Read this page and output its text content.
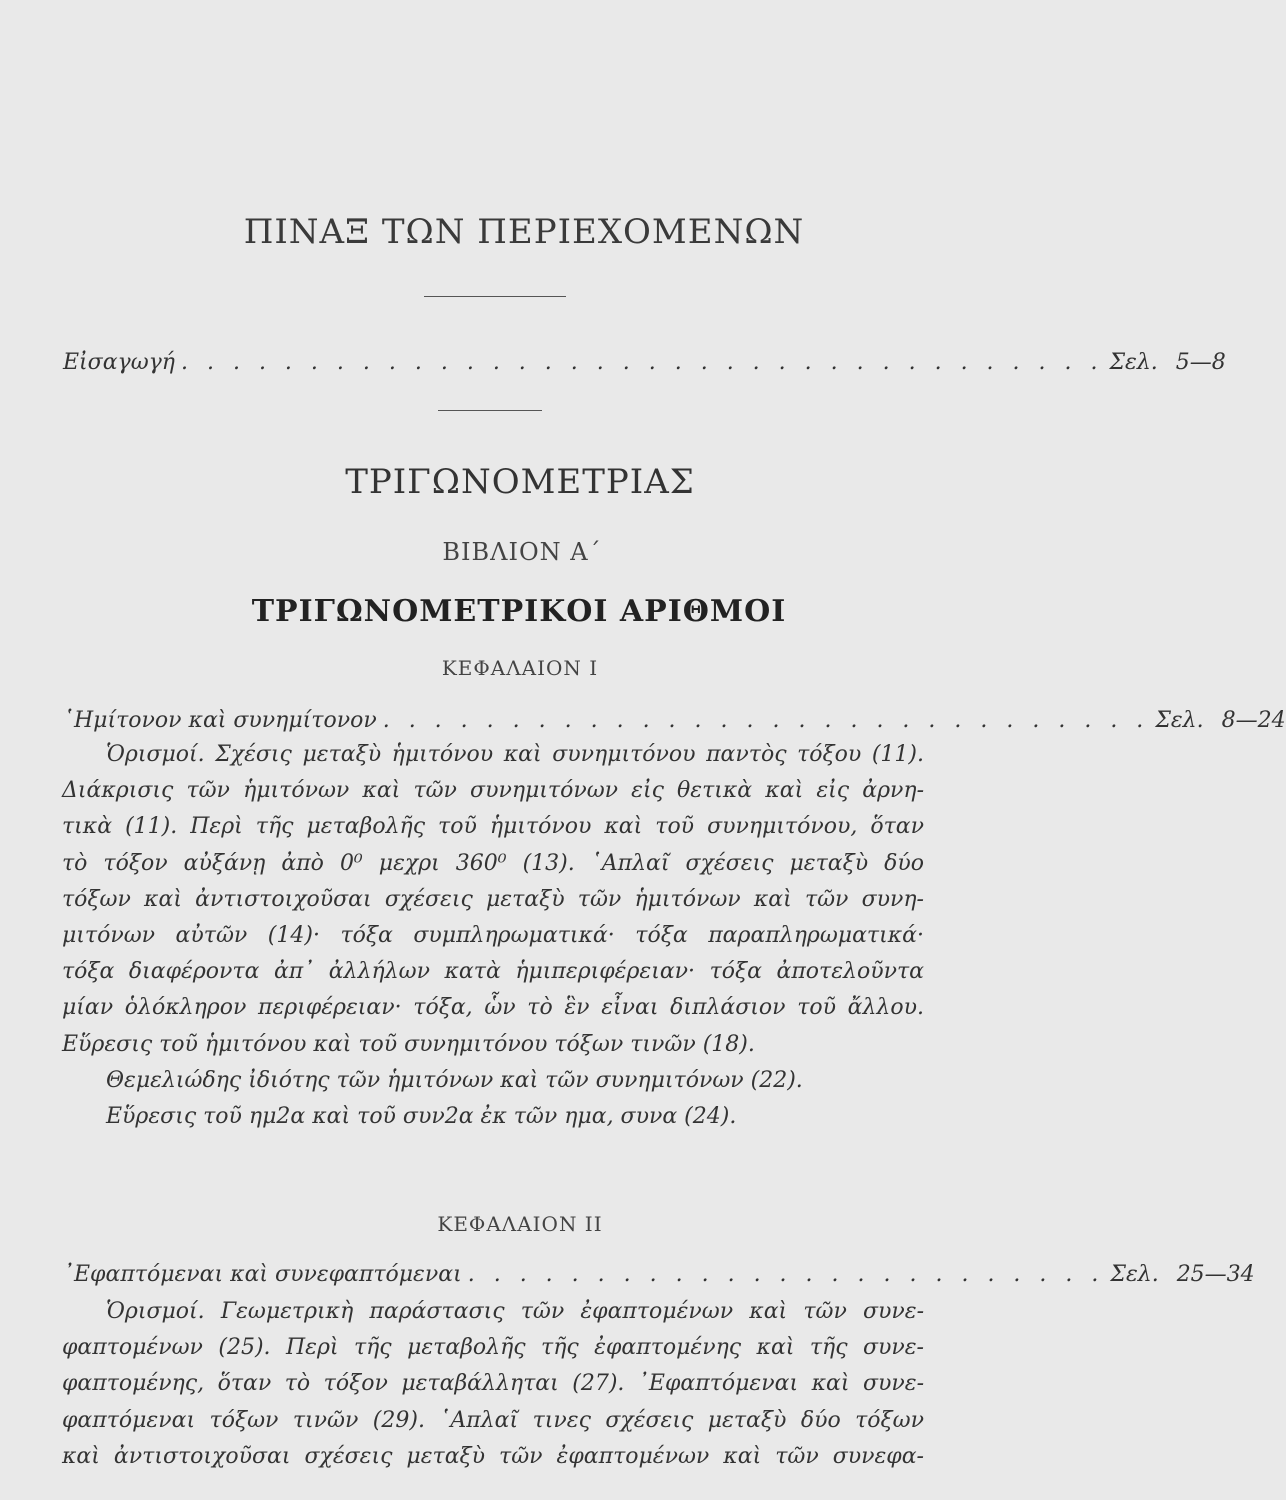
ΠΙΝΑΞ ΤΩΝ ΠΕΡΙΕΧΟΜΕΝΩΝ
Εἰσαγωγή . . . . . . . . . . . . . . . . . . . . . . . . . . . . . . . . . . . . Σελ. 5—8
ΤΡΙΓΩΝΟΜΕΤΡΙΑΣ
ΒΙΒΛΙΟΝ Α΄
ΤΡΙΓΩΝΟΜΕΤΡΙΚΟΙ ΑΡΙΘΜΟΙ
ΚΕΦΑΛΑΙΟΝ Ι
῾Ημίτονον καὶ συνημίτονον . . . . . . . . . . . . . . . . . . . . . . . . . . . . . . Σελ. 8—24
Ὁρισμοί. Σχέσις μεταξὺ ἡμιτόνου καὶ συνημιτόνου παντὸς τόξου (11).
Διάκρισις τῶν ἡμιτόνων καὶ τῶν συνημιτόνων εἰς θετικὰ καὶ εἰς ἀρνη-
τικὰ (11). Περὶ τῆς μεταβολῆς τοῦ ἡμιτόνου καὶ τοῦ συνημιτόνου, ὅταν
τὸ τόξον αὐξάνῃ ἀπὸ 0⁰ μεχρι 360⁰ (13). ῾Απλαῖ σχέσεις μεταξὺ δύο
τόξων καὶ ἀντιστοιχοῦσαι σχέσεις μεταξὺ τῶν ἡμιτόνων καὶ τῶν συνη-
μιτόνων αὐτῶν (14)· τόξα συμπληρωματικά· τόξα παραπληρωματικά·
τόξα διαφέροντα ἀπ᾽ ἀλλήλων κατὰ ἡμιπεριφέρειαν· τόξα ἀποτελοῦντα
μίαν ὁλόκληρον περιφέρειαν· τόξα, ὧν τὸ ἓν εἶναι διπλάσιον τοῦ ἄλλου.
Εὕρεσις τοῦ ἡμιτόνου καὶ τοῦ συνημιτόνου τόξων τινῶν (18).
Θεμελιώδης ἰδιότης τῶν ἡμιτόνων καὶ τῶν συνημιτόνων (22).
Εὕρεσις τοῦ ημ2α καὶ τοῦ συν2α ἐκ τῶν ημα, συνα (24).
ΚΕΦΑΛΑΙΟΝ ΙΙ
᾿Εφαπτόμεναι καὶ συνεφαπτόμεναι . . . . . . . . . . . . . . . . . . . . . . . . . Σελ. 25—34
Ὁρισμοί. Γεωμετρικὴ παράστασις τῶν ἐφαπτομένων καὶ τῶν συνε-
φαπτομένων (25). Περὶ τῆς μεταβολῆς τῆς ἐφαπτομένης καὶ τῆς συνε-
φαπτομένης, ὅταν τὸ τόξον μεταβάλληται (27). ᾿Εφαπτόμεναι καὶ συνε-
φαπτόμεναι τόξων τινῶν (29). ῾Απλαῖ τινες σχέσεις μεταξὺ δύο τόξων
καὶ ἀντιστοιχοῦσαι σχέσεις μεταξὺ τῶν ἐφαπτομένων καὶ τῶν συνεφα-
